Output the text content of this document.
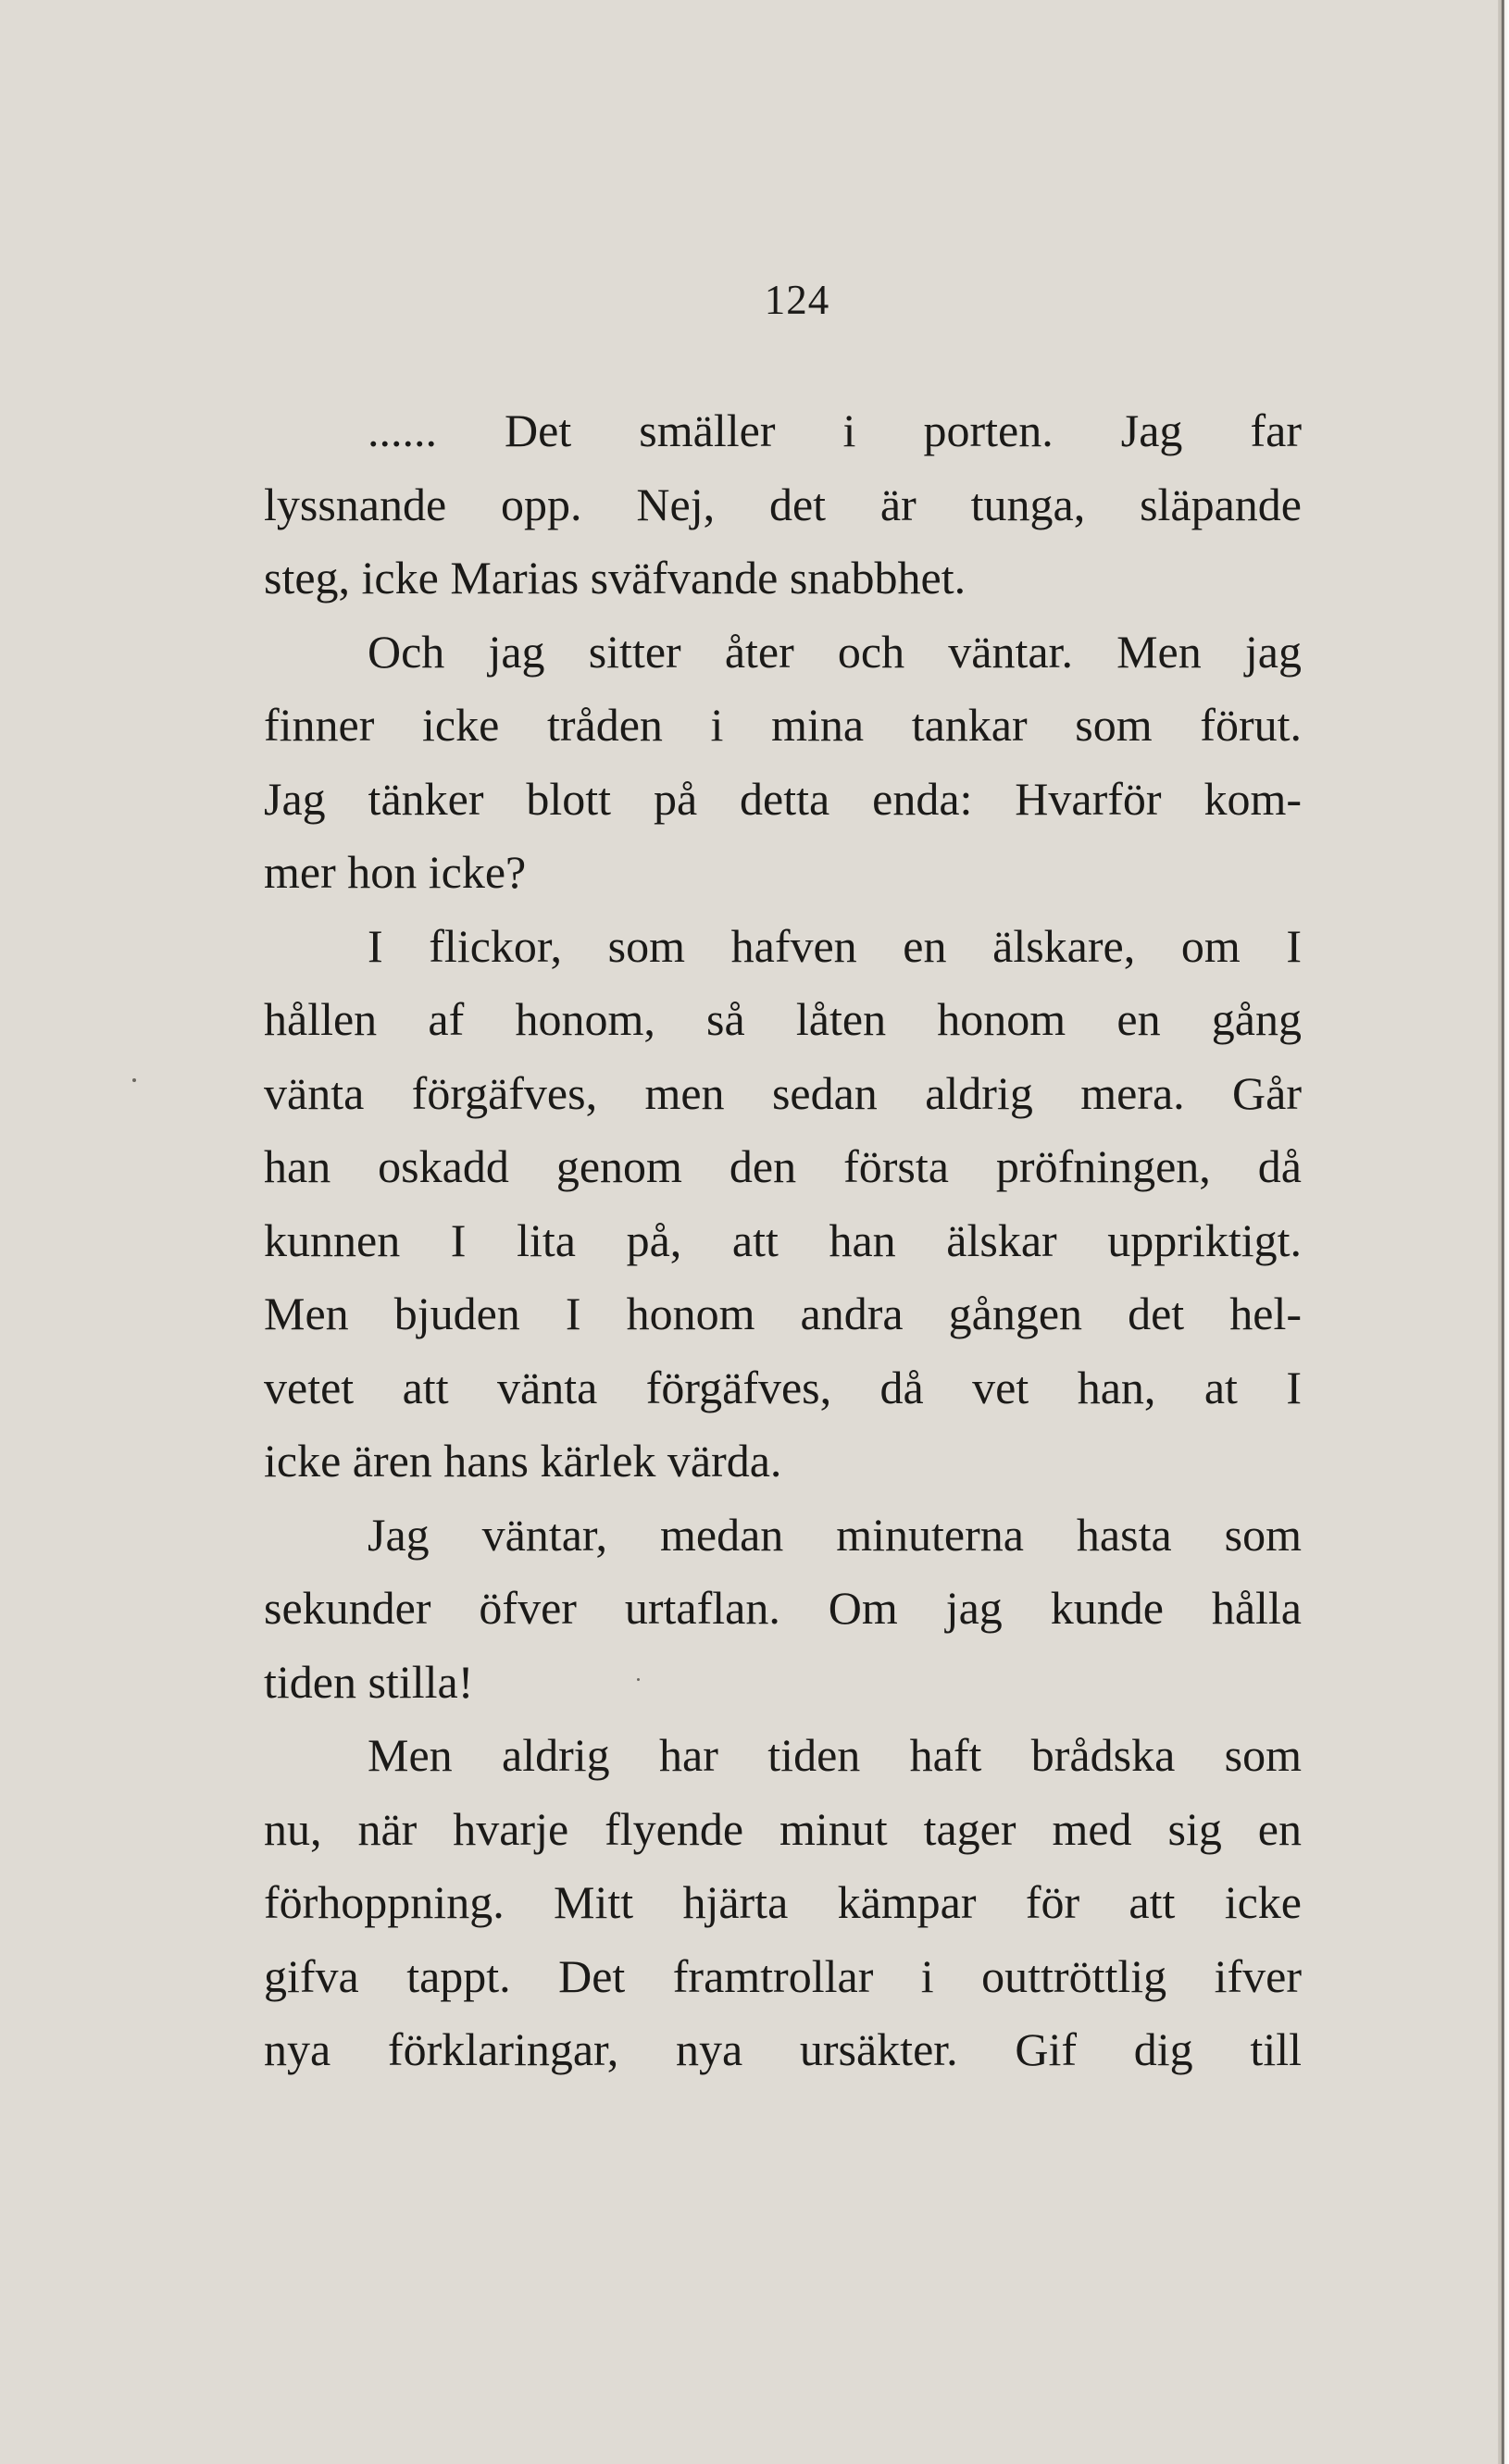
124
...... Det smäller i porten. Jag far
lyssnande opp. Nej, det är tunga, släpande
steg, icke Marias sväfvande snabbhet.
Och jag sitter åter och väntar. Men jag
finner icke tråden i mina tankar som förut.
Jag tänker blott på detta enda: Hvarför kom-
mer hon icke?
I flickor, som hafven en älskare, om I
hållen af honom, så låten honom en gång
vänta förgäfves, men sedan aldrig mera. Går
han oskadd genom den första pröfningen, då
kunnen I lita på, att han älskar uppriktigt.
Men bjuden I honom andra gången det hel-
vetet att vänta förgäfves, då vet han, at I
icke ären hans kärlek värda.
Jag väntar, medan minuterna hasta som
sekunder öfver urtaflan. Om jag kunde hålla
tiden stilla!
Men aldrig har tiden haft brådska som
nu, när hvarje flyende minut tager med sig en
förhoppning. Mitt hjärta kämpar för att icke
gifva tappt. Det framtrollar i outtröttlig ifver
nya förklaringar, nya ursäkter. Gif dig till
